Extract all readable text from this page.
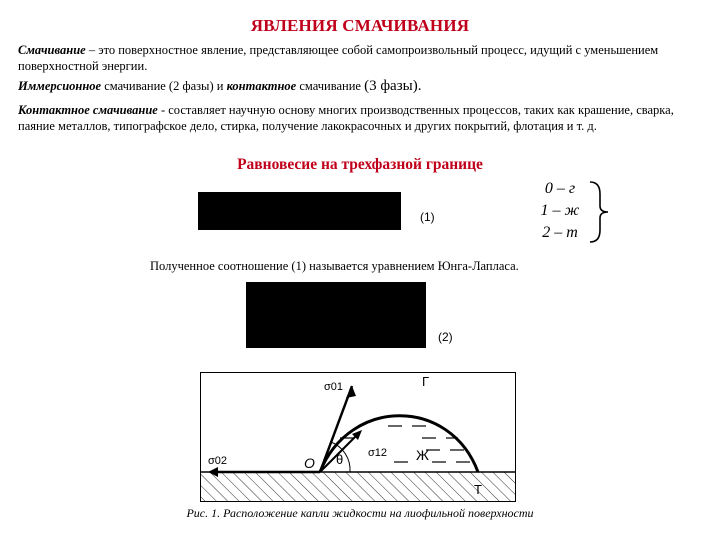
ЯВЛЕНИЯ СМАЧИВАНИЯ
Смачивание – это поверхностное явление, представляющее собой самопроизвольный процесс, идущий с уменьшением поверхностной энергии.
Иммерсионное смачивание (2 фазы) и контактное смачивание (3 фазы).
Контактное смачивание - составляет научную основу многих производственных процессов, таких как крашение, сварка, паяние металлов, типографское дело, стирка, получение лакокрасочных и других покрытий, флотация и т. д.
Равновесие на трехфазной границе
(1)
0 – г
1 – ж
2 – т
Полученное соотношение (1) называется уравнением Юнга-Лапласа.
(2)
σ01
σ02
σ12
Г
Ж
Т
O θ
Рис. 1. Расположение капли жидкости на лиофильной поверхности
